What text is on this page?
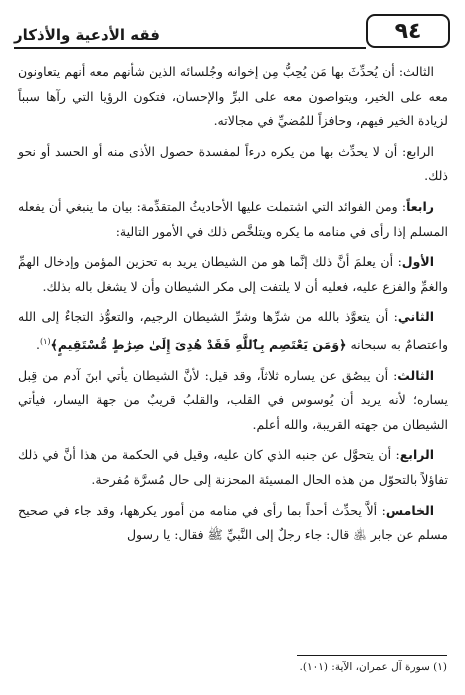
فقه الأدعية والأذكار	٩٤

الثالث: أن يُحدِّثَ بها مَن يُحِبُّ مِن إخوانه وجُلسائه الذين شأنهم معه أنهم يتعاونون معه على الخير، ويتواصون معه على البرِّ والإحسان، فتكون الرؤيا التي رآها سبباً لزيادة الخير فيهم، وحافزاً للمُضيِّ في مجالاته.

الرابع: أن لا يحدِّث بها من يكره درءاً لمفسدة حصول الأذى منه أو الحسد أو نحو ذلك.

رابعاً: ومن الفوائد التي اشتملت عليها الأحاديثُ المتقدِّمة: بيان ما ينبغي أن يفعله المسلم إذا رأى في منامه ما يكره ويتلخَّص ذلك في الأمور التالية:

الأول: أن يعلمَ أنَّ ذلك إنَّما هو من الشيطان يريد به تحزين المؤمن وإدخال الهمِّ والغمِّ والفزع عليه، فعليه أن لا يلتفت إلى مكر الشيطان وأن لا يشغل باله بذلك.

الثاني: أن يتعوَّذ بالله من شرِّها وشرِّ الشيطان الرجيم، والتعوُّذ التجاءٌ إلى الله واعتصامٌ به سبحانه ﴿وَمَن يَعْتَصِم بِٱللَّهِ فَقَدْ هُدِىَ إِلَىٰ صِرَٰطٍ مُّسْتَقِيمٍ﴾$^{(١)}$.

الثالث: أن يبصُق عن يساره ثلاثاً، وقد قيل: لأنَّ الشيطان يأتي ابنَ آدم من قِبل يساره؛ لأنه يريد أن يُوسوس في القلب، والقلبُ قريبٌ من جهة اليسار، فيأتي الشيطان من جهته القريبة، والله أعلم.

الرابع: أن يتحوَّل عن جنبه الذي كان عليه، وقيل في الحكمة من هذا أنَّ في ذلك تفاؤلاً بالتحوّل من هذه الحال المسيئة المحزنة إلى حال مُسرَّة مُفرحة.

الخامس: ألاَّ يحدِّث أحداً بما رأى في منامه من أمور يكرهها، وقد جاء في صحيح مسلم عن جابر ﵁ قال: جاء رجلٌ إلى النَّبيِّ ﷺ فقال: يا رسول

(١) سورة آل عمران، الآية: (١٠١).
